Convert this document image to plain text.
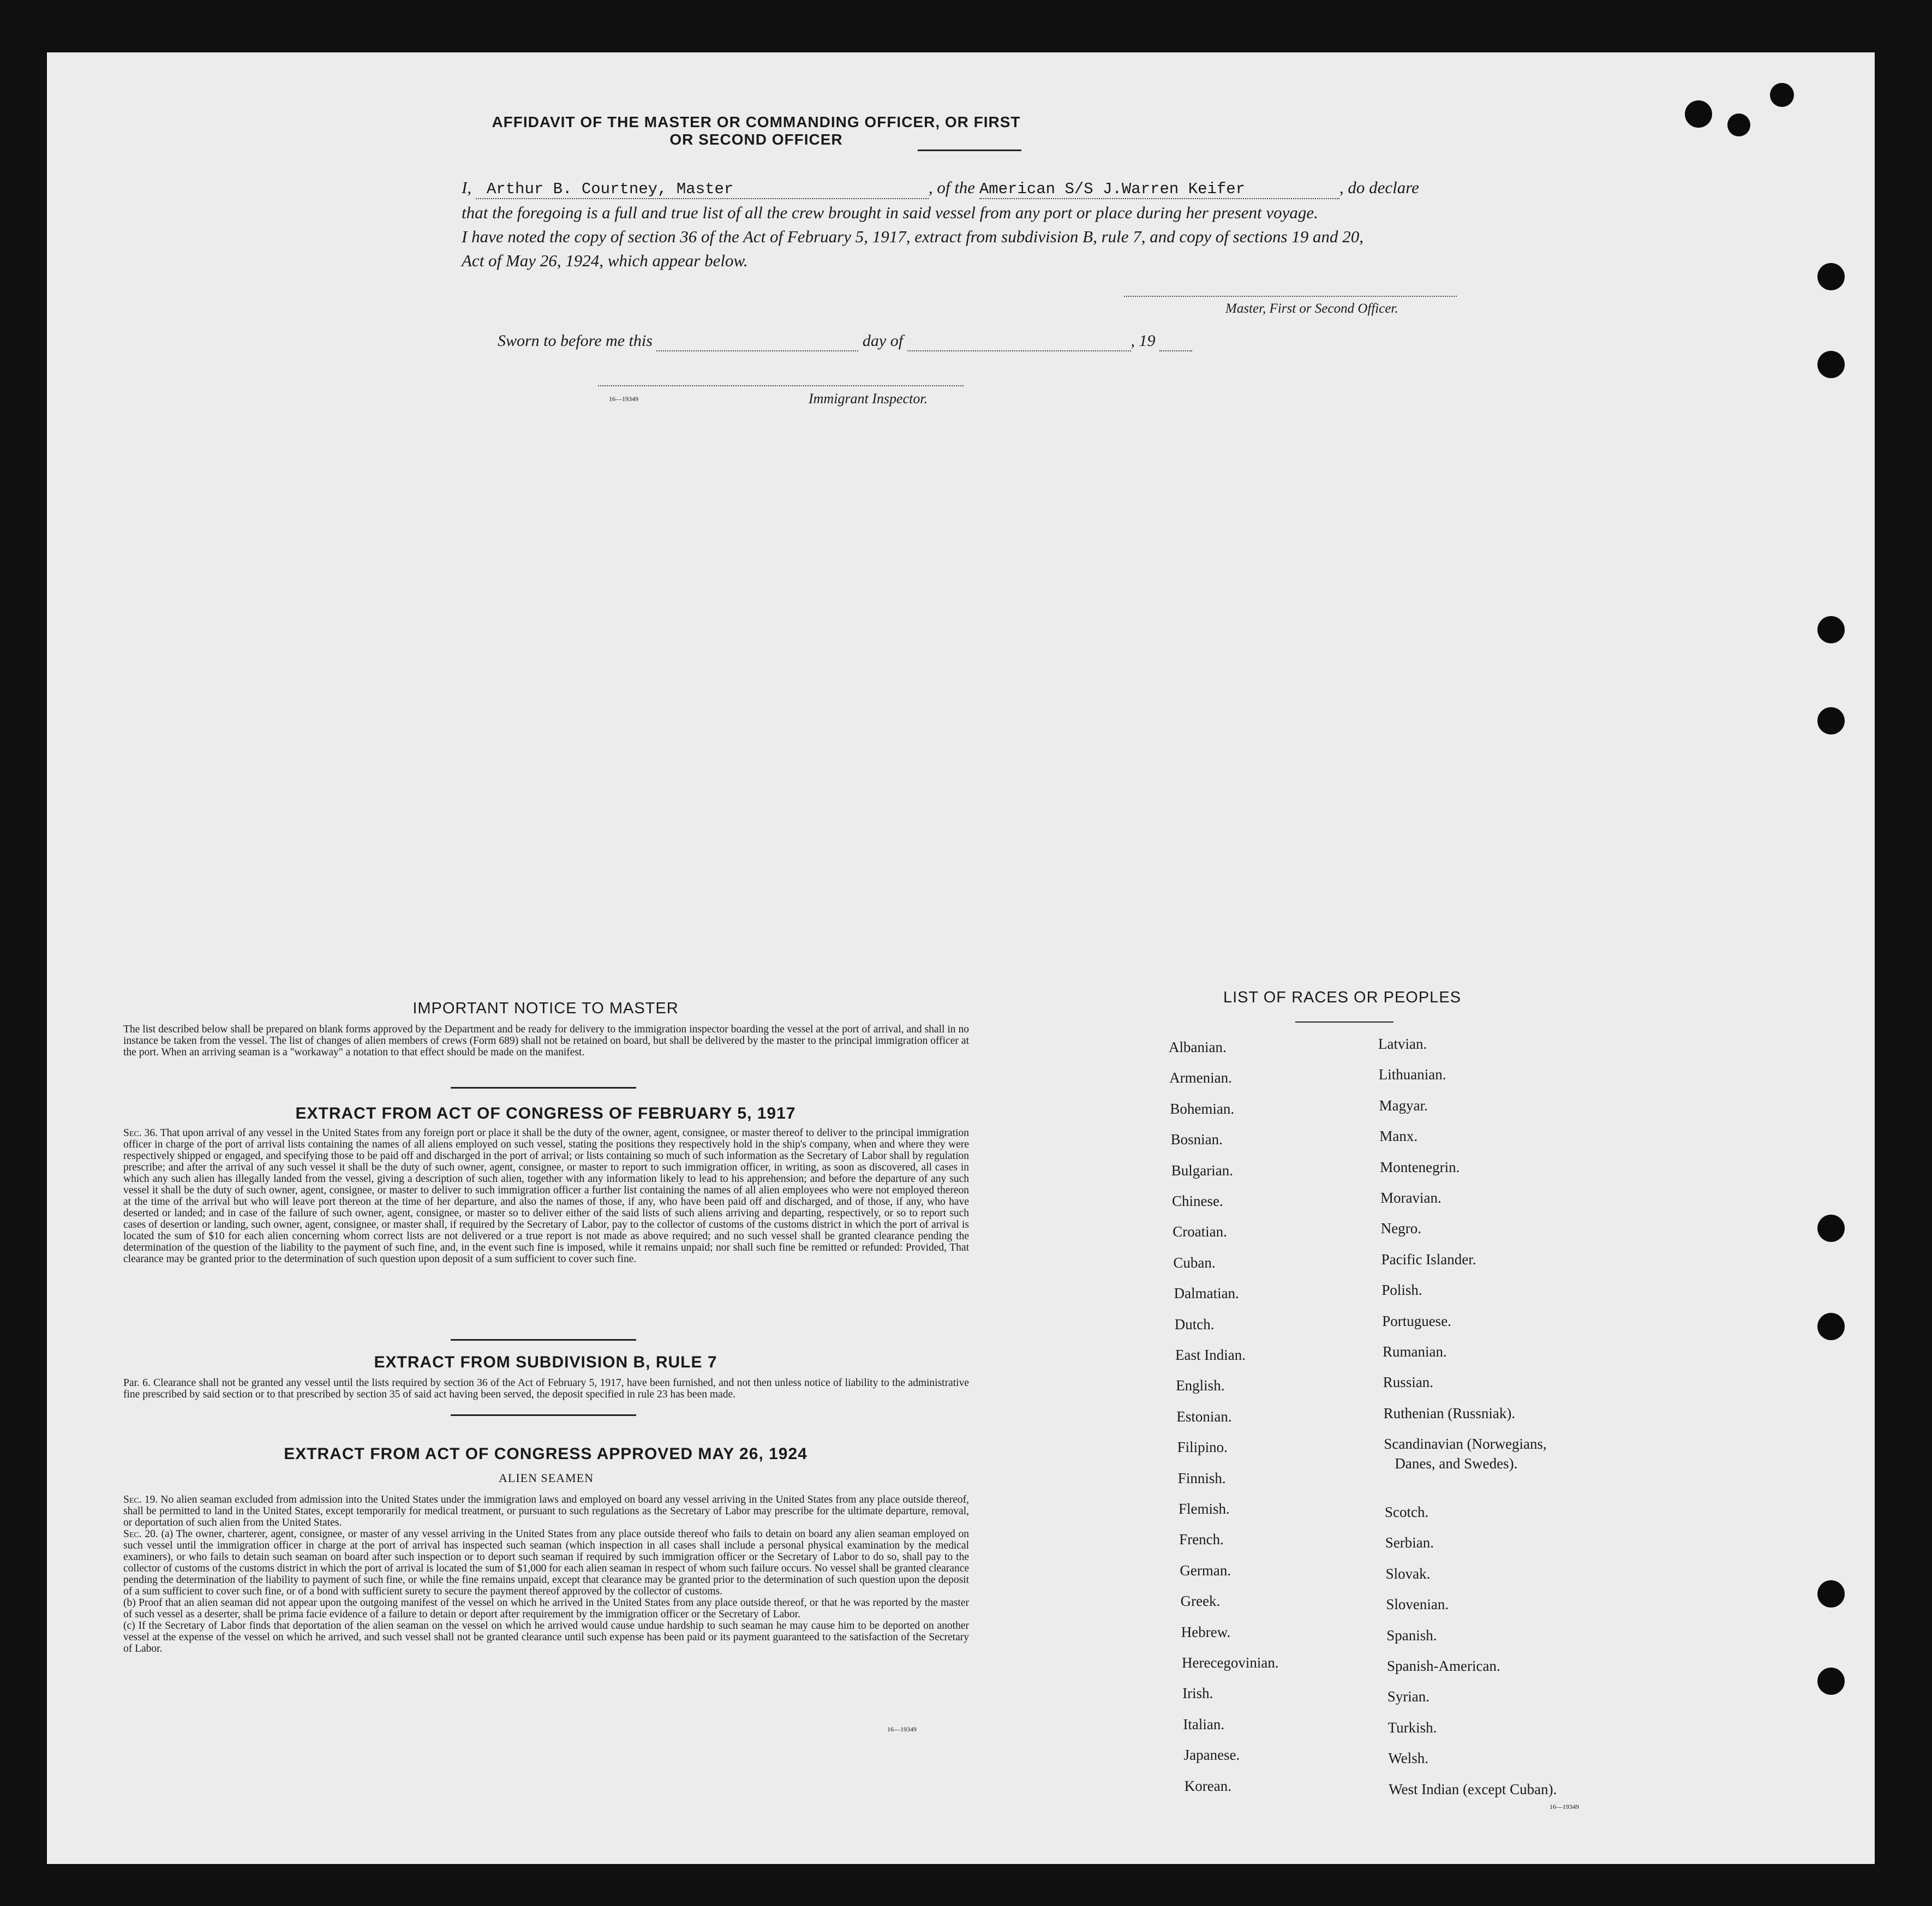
AFFIDAVIT OF THE MASTER OR COMMANDING OFFICER, OR FIRST OR SECOND OFFICER
I, Arthur B. Courtney, Master	, of the American S/S J.Warren Keifer	, do declare
that the foregoing is a full and true list of all the crew brought in said vessel from any port or place during her present voyage.
I have noted the copy of section 36 of the Act of February 5, 1917, extract from subdivision B, rule 7, and copy of sections 19 and 20,
Act of May 26, 1924, which appear below.
Master, First or Second Officer.
Sworn to before me this	day of	, 19
16—19349	Immigrant Inspector.
IMPORTANT NOTICE TO MASTER
The list described below shall be prepared on blank forms approved by the Department and be ready for delivery to the immigration inspector boarding the vessel at the port of arrival, and shall in no instance be taken from the vessel. The list of changes of alien members of crews (Form 689) shall not be retained on board, but shall be delivered by the master to the principal immigration officer at the port. When an arriving seaman is a "workaway" a notation to that effect should be made on the manifest.
EXTRACT FROM ACT OF CONGRESS OF FEBRUARY 5, 1917
Sec. 36. That upon arrival of any vessel in the United States from any foreign port or place it shall be the duty of the owner, agent, consignee, or master thereof to deliver to the principal immigration officer in charge of the port of arrival lists containing the names of all aliens employed on such vessel, stating the positions they respectively hold in the ship's company, when and where they were respectively shipped or engaged, and specifying those to be paid off and discharged in the port of arrival; or lists containing so much of such information as the Secretary of Labor shall by regulation prescribe; and after the arrival of any such vessel it shall be the duty of such owner, agent, consignee, or master to report to such immigration officer, in writing, as soon as discovered, all cases in which any such alien has illegally landed from the vessel, giving a description of such alien, together with any information likely to lead to his apprehension; and before the departure of any such vessel it shall be the duty of such owner, agent, consignee, or master to deliver to such immigration officer a further list containing the names of all alien employees who were not employed thereon at the time of the arrival but who will leave port thereon at the time of her departure, and also the names of those, if any, who have been paid off and discharged, and of those, if any, who have deserted or landed; and in case of the failure of such owner, agent, consignee, or master so to deliver either of the said lists of such aliens arriving and departing, respectively, or so to report such cases of desertion or landing, such owner, agent, consignee, or master shall, if required by the Secretary of Labor, pay to the collector of customs of the customs district in which the port of arrival is located the sum of $10 for each alien concerning whom correct lists are not delivered or a true report is not made as above required; and no such vessel shall be granted clearance pending the determination of the question of the liability to the payment of such fine, and, in the event such fine is imposed, while it remains unpaid; nor shall such fine be remitted or refunded: Provided, That clearance may be granted prior to the determination of such question upon deposit of a sum sufficient to cover such fine.
EXTRACT FROM SUBDIVISION B, RULE 7
Par. 6. Clearance shall not be granted any vessel until the lists required by section 36 of the Act of February 5, 1917, have been furnished, and not then unless notice of liability to the administrative fine prescribed by said section or to that prescribed by section 35 of said act having been served, the deposit specified in rule 23 has been made.
EXTRACT FROM ACT OF CONGRESS APPROVED MAY 26, 1924
ALIEN SEAMEN
Sec. 19. No alien seaman excluded from admission into the United States under the immigration laws and employed on board any vessel arriving in the United States from any place outside thereof, shall be permitted to land in the United States, except temporarily for medical treatment, or pursuant to such regulations as the Secretary of Labor may prescribe for the ultimate departure, removal, or deportation of such alien from the United States.
Sec. 20. (a) The owner, charterer, agent, consignee, or master of any vessel arriving in the United States from any place outside thereof who fails to detain on board any alien seaman employed on such vessel until the immigration officer in charge at the port of arrival has inspected such seaman (which inspection in all cases shall include a personal physical examination by the medical examiners), or who fails to detain such seaman on board after such inspection or to deport such seaman if required by such immigration officer or the Secretary of Labor to do so, shall pay to the collector of customs of the customs district in which the port of arrival is located the sum of $1,000 for each alien seaman in respect of whom such failure occurs. No vessel shall be granted clearance pending the determination of the liability to payment of such fine, or while the fine remains unpaid, except that clearance may be granted prior to the determination of such question upon the deposit of a sum sufficient to cover such fine, or of a bond with sufficient surety to secure the payment thereof approved by the collector of customs.
(b) Proof that an alien seaman did not appear upon the outgoing manifest of the vessel on which he arrived in the United States from any place outside thereof, or that he was reported by the master of such vessel as a deserter, shall be prima facie evidence of a failure to detain or deport after requirement by the immigration officer or the Secretary of Labor.
(c) If the Secretary of Labor finds that deportation of the alien seaman on the vessel on which he arrived would cause undue hardship to such seaman he may cause him to be deported on another vessel at the expense of the vessel on which he arrived, and such vessel shall not be granted clearance until such expense has been paid or its payment guaranteed to the satisfaction of the Secretary of Labor.
16—19349
LIST OF RACES OR PEOPLES
16—19349
Albanian.
Armenian.
Bohemian.
Bosnian.
Bulgarian.
Chinese.
Croatian.
Cuban.
Dalmatian.
Dutch.
East Indian.
English.
Estonian.
Filipino.
Finnish.
Flemish.
French.
German.
Greek.
Hebrew.
Herecegovinian.
Irish.
Italian.
Japanese.
Korean.
Latvian.
Lithuanian.
Magyar.
Manx.
Montenegrin.
Moravian.
Negro.
Pacific Islander.
Polish.
Portuguese.
Rumanian.
Russian.
Ruthenian (Russniak).
Scandinavian (Norwegians,
Danes, and Swedes).
Scotch.
Serbian.
Slovak.
Slovenian.
Spanish.
Spanish-American.
Syrian.
Turkish.
Welsh.
West Indian (except Cuban).
